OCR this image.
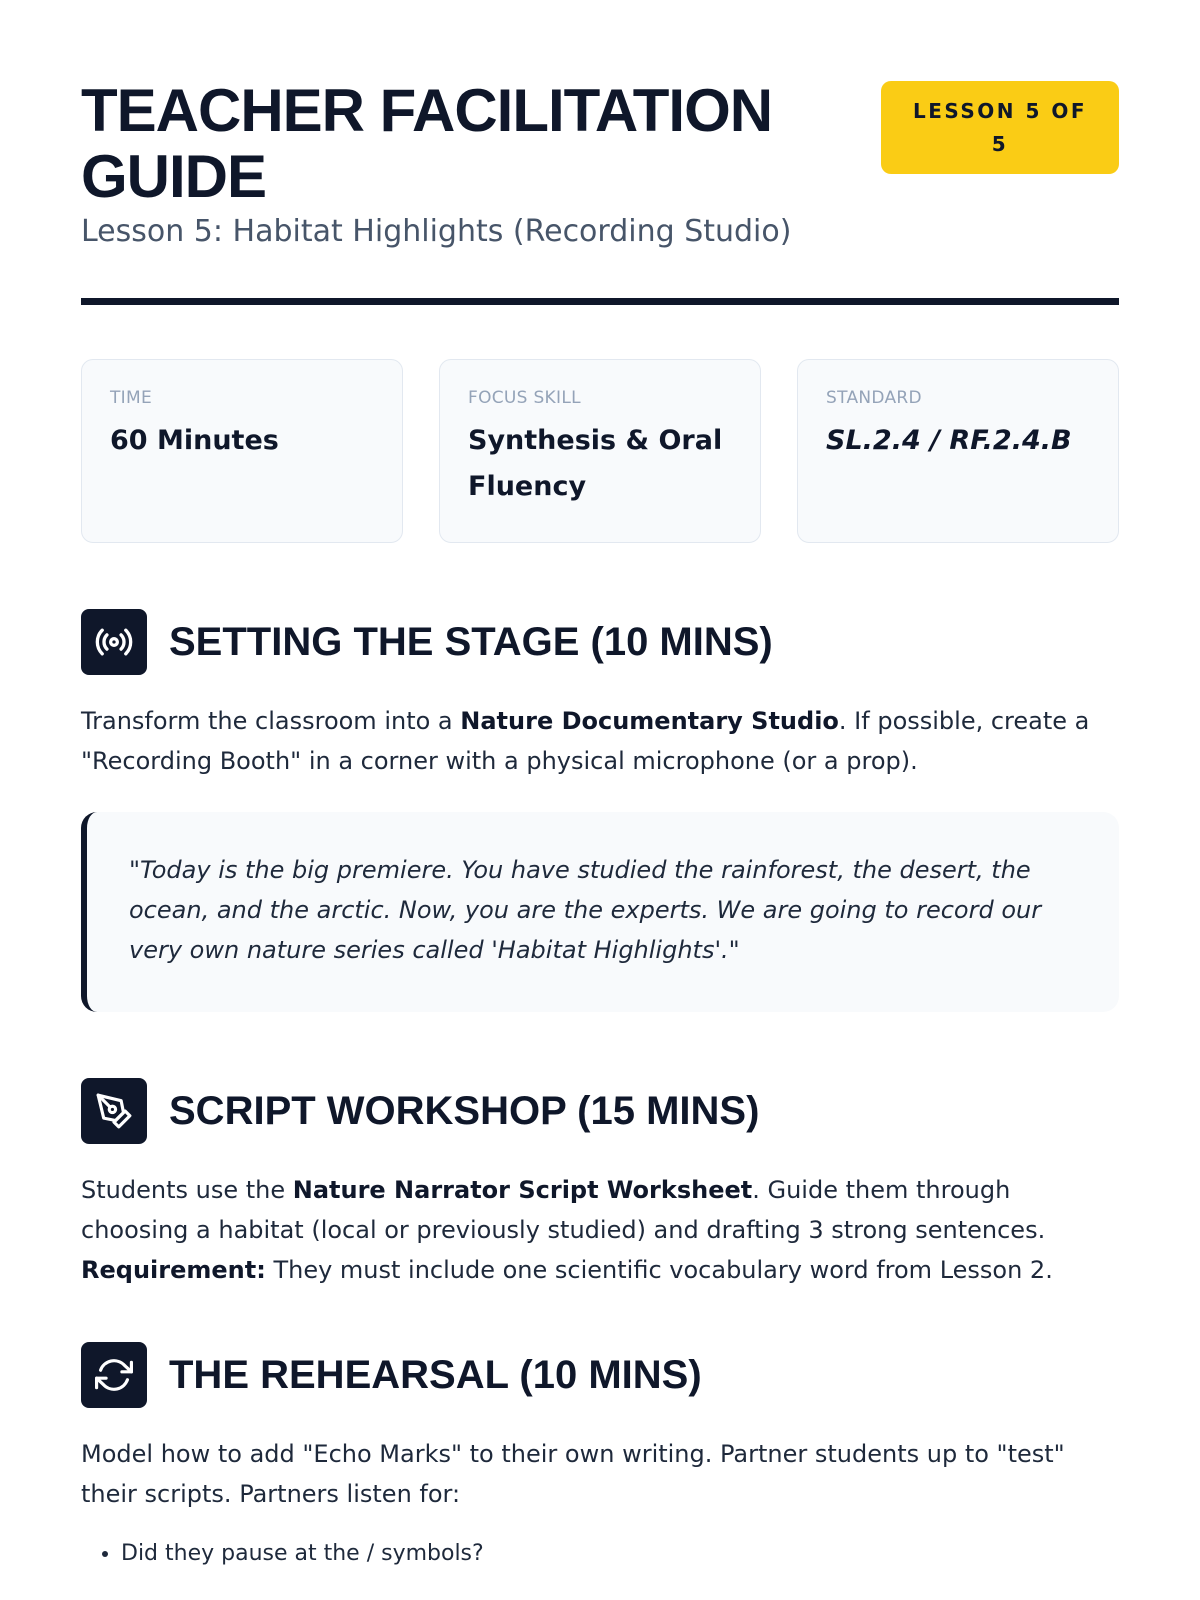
TEACHER FACILITATION GUIDE
Lesson 5: Habitat Highlights (Recording Studio)
LESSON 5 OF 5
TIME
60 Minutes
FOCUS SKILL
Synthesis & Oral Fluency
STANDARD
SL.2.4 / RF.2.4.B
SETTING THE STAGE (10 MINS)

Transform the classroom into a Nature Documentary Studio. If possible, create a "Recording Booth" in a corner with a physical microphone (or a prop).

"Today is the big premiere. You have studied the rainforest, the desert, the ocean, and the arctic. Now, you are the experts. We are going to record our very own nature series called 'Habitat Highlights'."
SCRIPT WORKSHOP (15 MINS)

Students use the Nature Narrator Script Worksheet. Guide them through choosing a habitat (local or previously studied) and drafting 3 strong sentences. Requirement: They must include one scientific vocabulary word from Lesson 2.

THE REHEARSAL (10 MINS)

Model how to add "Echo Marks" to their own writing. Partner students up to "test" their scripts. Partners listen for:

• Did they pause at the / symbols?
